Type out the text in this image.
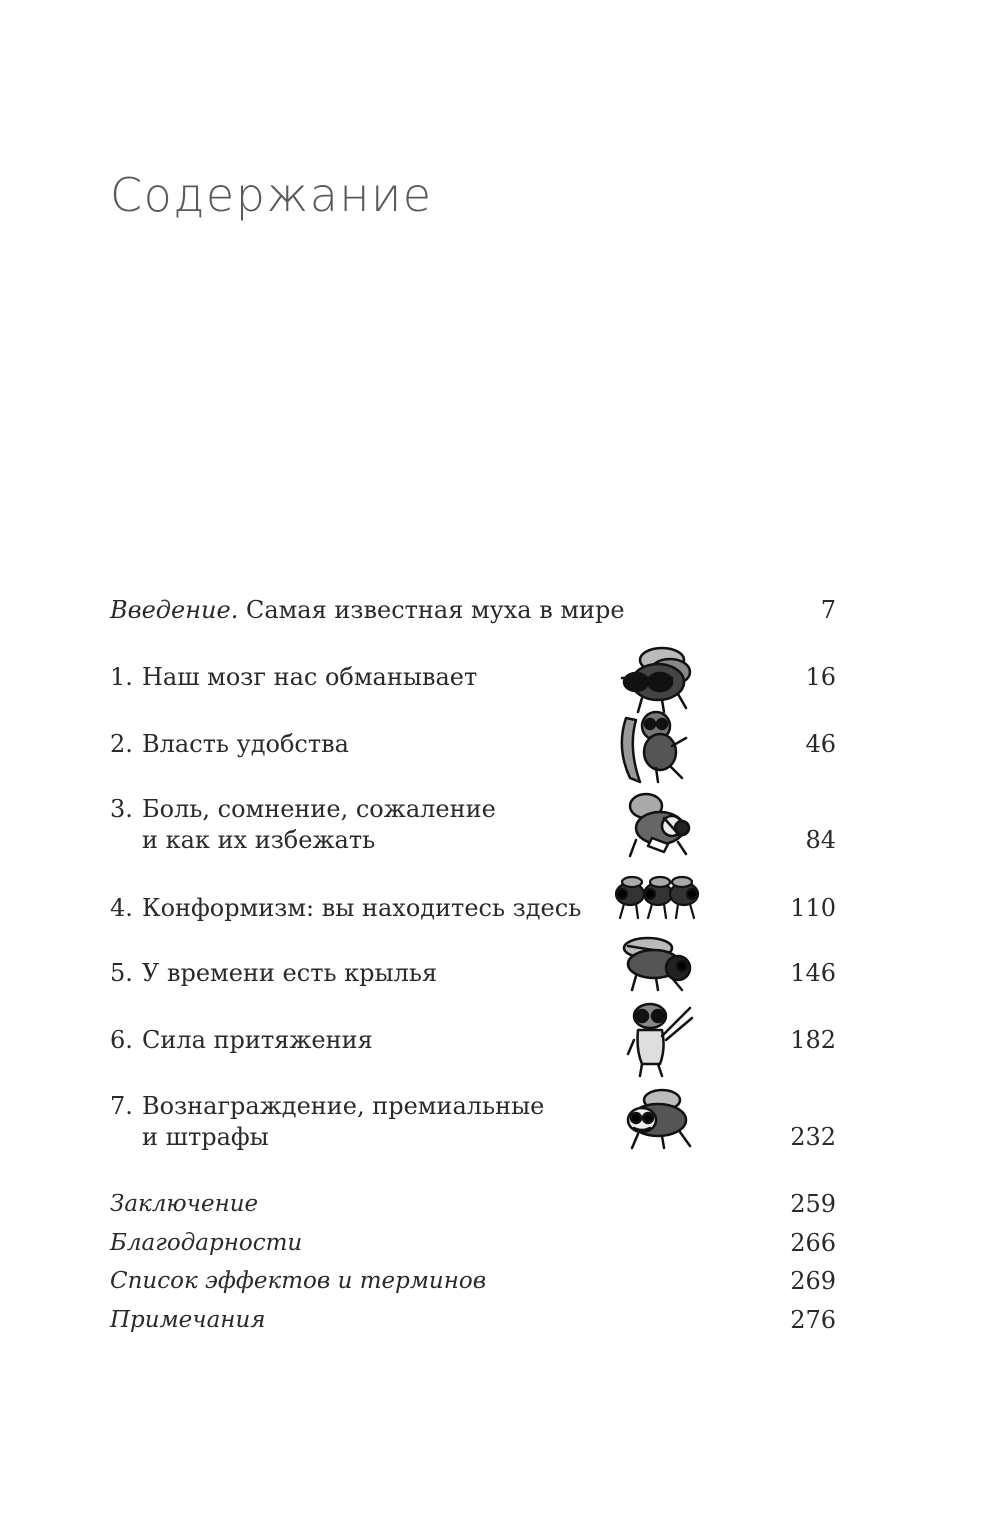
Содержание
Введение. Самая известная муха в мире	7
1. Наш мозг нас обманывает	16
2. Власть удобства	46
3. Боль, сомнение, сожаление
и как их избежать	84
4. Конформизм: вы находитесь здесь	110
5. У времени есть крылья	146
6. Сила притяжения	182
7. Вознаграждение, премиальные
и штрафы	232
Заключение	259
Благодарности	266
Список эффектов и терминов	269
Примечания	276
